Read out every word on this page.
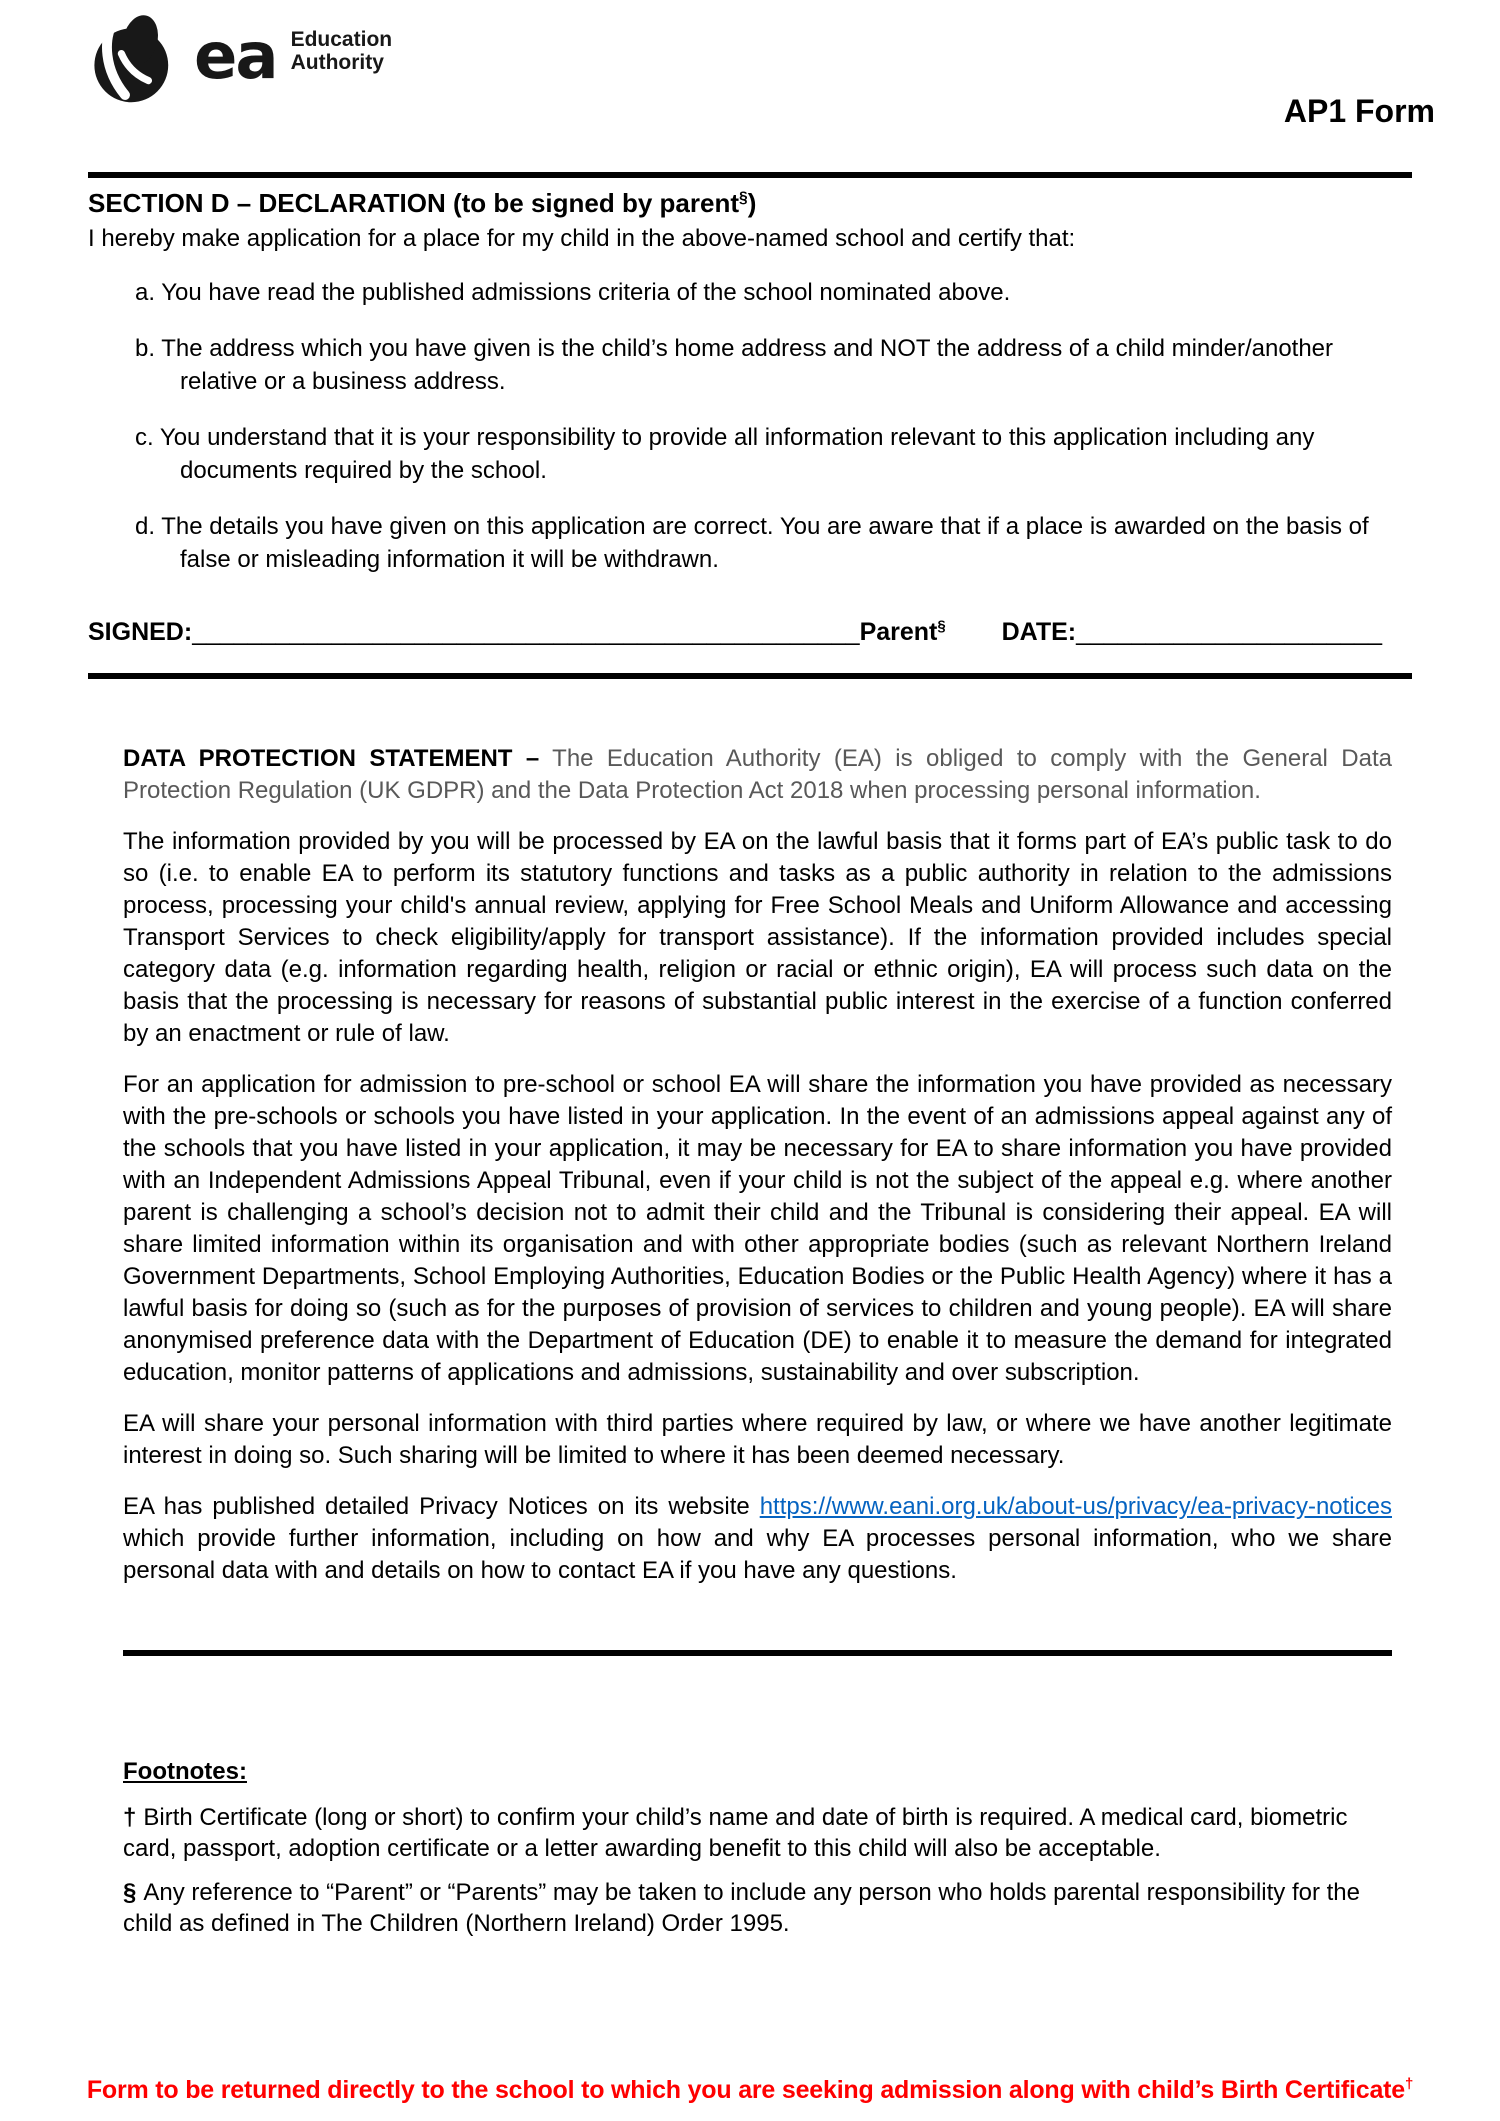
ea Education
Authority
AP1 Form
SECTION D – DECLARATION (to be signed by parent§)
I hereby make application for a place for my child in the above-named school and certify that:
a. You have read the published admissions criteria of the school nominated above.
b. The address which you have given is the child’s home address and NOT the address of a child minder/another relative or a business address.
c. You understand that it is your responsibility to provide all information relevant to this application including any documents required by the school.
d. The details you have given on this application are correct. You are aware that if a place is awarded on the basis of false or misleading information it will be withdrawn.
SIGNED: ________________________________________________ Parent§ DATE: ______________________

DATA PROTECTION STATEMENT – The Education Authority (EA) is obliged to comply with the General Data Protection Regulation (UK GDPR) and the Data Protection Act 2018 when processing personal information.

The information provided by you will be processed by EA on the lawful basis that it forms part of EA’s public task to do so (i.e. to enable EA to perform its statutory functions and tasks as a public authority in relation to the admissions process, processing your child's annual review, applying for Free School Meals and Uniform Allowance and accessing Transport Services to check eligibility/apply for transport assistance). If the information provided includes special category data (e.g. information regarding health, religion or racial or ethnic origin), EA will process such data on the basis that the processing is necessary for reasons of substantial public interest in the exercise of a function conferred by an enactment or rule of law.

For an application for admission to pre-school or school EA will share the information you have provided as necessary with the pre-schools or schools you have listed in your application. In the event of an admissions appeal against any of the schools that you have listed in your application, it may be necessary for EA to share information you have provided with an Independent Admissions Appeal Tribunal, even if your child is not the subject of the appeal e.g. where another parent is challenging a school’s decision not to admit their child and the Tribunal is considering their appeal. EA will share limited information within its organisation and with other appropriate bodies (such as relevant Northern Ireland Government Departments, School Employing Authorities, Education Bodies or the Public Health Agency) where it has a lawful basis for doing so (such as for the purposes of provision of services to children and young people). EA will share anonymised preference data with the Department of Education (DE) to enable it to measure the demand for integrated education, monitor patterns of applications and admissions, sustainability and over subscription.

EA will share your personal information with third parties where required by law, or where we have another legitimate interest in doing so. Such sharing will be limited to where it has been deemed necessary.

EA has published detailed Privacy Notices on its website https://www.eani.org.uk/about-us/privacy/ea-privacy-notices which provide further information, including on how and why EA processes personal information, who we share personal data with and details on how to contact EA if you have any questions.

Footnotes:
† Birth Certificate (long or short) to confirm your child’s name and date of birth is required. A medical card, biometric card, passport, adoption certificate or a letter awarding benefit to this child will also be acceptable.
§ Any reference to “Parent” or “Parents” may be taken to include any person who holds parental responsibility for the child as defined in The Children (Northern Ireland) Order 1995.
Form to be returned directly to the school to which you are seeking admission along with child’s Birth Certificate†
